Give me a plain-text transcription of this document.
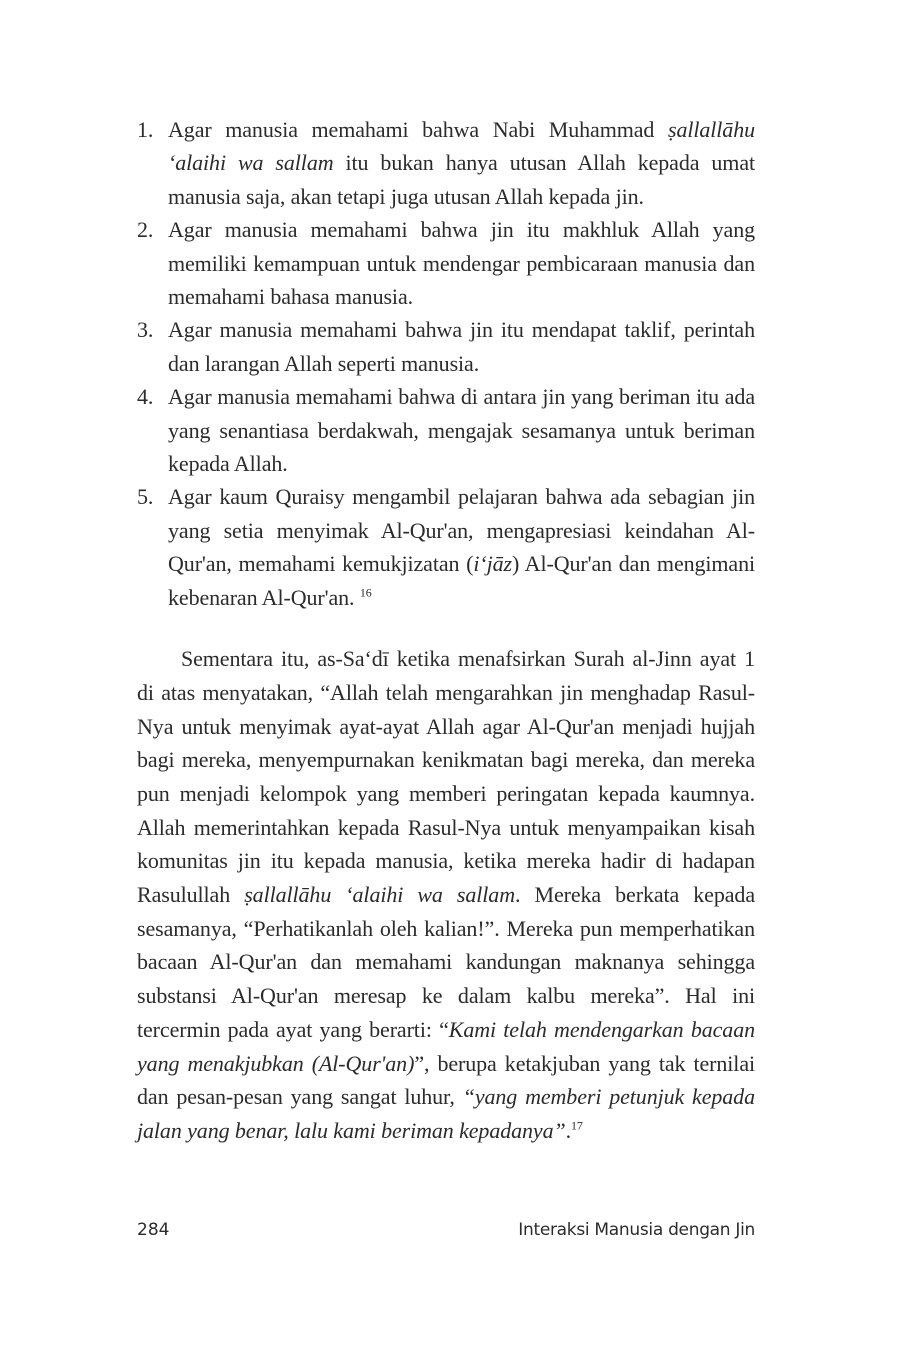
1. Agar manusia memahami bahwa Nabi Muhammad ṣallallāhu ‘alaihi wa sallam itu bukan hanya utusan Allah kepada umat manusia saja, akan tetapi juga utusan Allah kepada jin.
2. Agar manusia memahami bahwa jin itu makhluk Allah yang memiliki kemampuan untuk mendengar pembicaraan manusia dan memahami bahasa manusia.
3. Agar manusia memahami bahwa jin itu mendapat taklif, perintah dan larangan Allah seperti manusia.
4. Agar manusia memahami bahwa di antara jin yang beriman itu ada yang senantiasa berdakwah, mengajak sesamanya untuk beriman kepada Allah.
5. Agar kaum Quraisy mengambil pelajaran bahwa ada sebagian jin yang setia menyimak Al-Qur'an, mengapresiasi keindahan Al-Qur'an, memahami kemukjizatan (i‘jāz) Al-Qur'an dan mengimani kebenaran Al-Qur'an. $^{16}$

Sementara itu, as-Sa‘dī ketika menafsirkan Surah al-Jinn ayat 1 di atas menyatakan, “Allah telah mengarahkan jin menghadap Rasul-Nya untuk menyimak ayat-ayat Allah agar Al-Qur'an menjadi hujjah bagi mereka, menyempurnakan kenikmatan bagi mereka, dan mereka pun menjadi kelompok yang memberi peringatan kepada kaumnya. Allah memerintahkan kepada Rasul-Nya untuk menyampaikan kisah komunitas jin itu kepada manusia, ketika mereka hadir di hadapan Rasulullah ṣallallāhu ‘alaihi wa sallam. Mereka berkata kepada sesamanya, “Perhatikanlah oleh kalian!”. Mereka pun memperhatikan bacaan Al-Qur'an dan memahami kandungan maknanya sehingga substansi Al-Qur'an meresap ke dalam kalbu mereka”. Hal ini tercermin pada ayat yang berarti: “Kami telah mendengarkan bacaan yang menakjubkan (Al-Qur'an)”, berupa ketakjuban yang tak ternilai dan pesan-pesan yang sangat luhur, “yang memberi petunjuk kepada jalan yang benar, lalu kami beriman kepadanya”.$^{17}$

284	Interaksi Manusia dengan Jin
